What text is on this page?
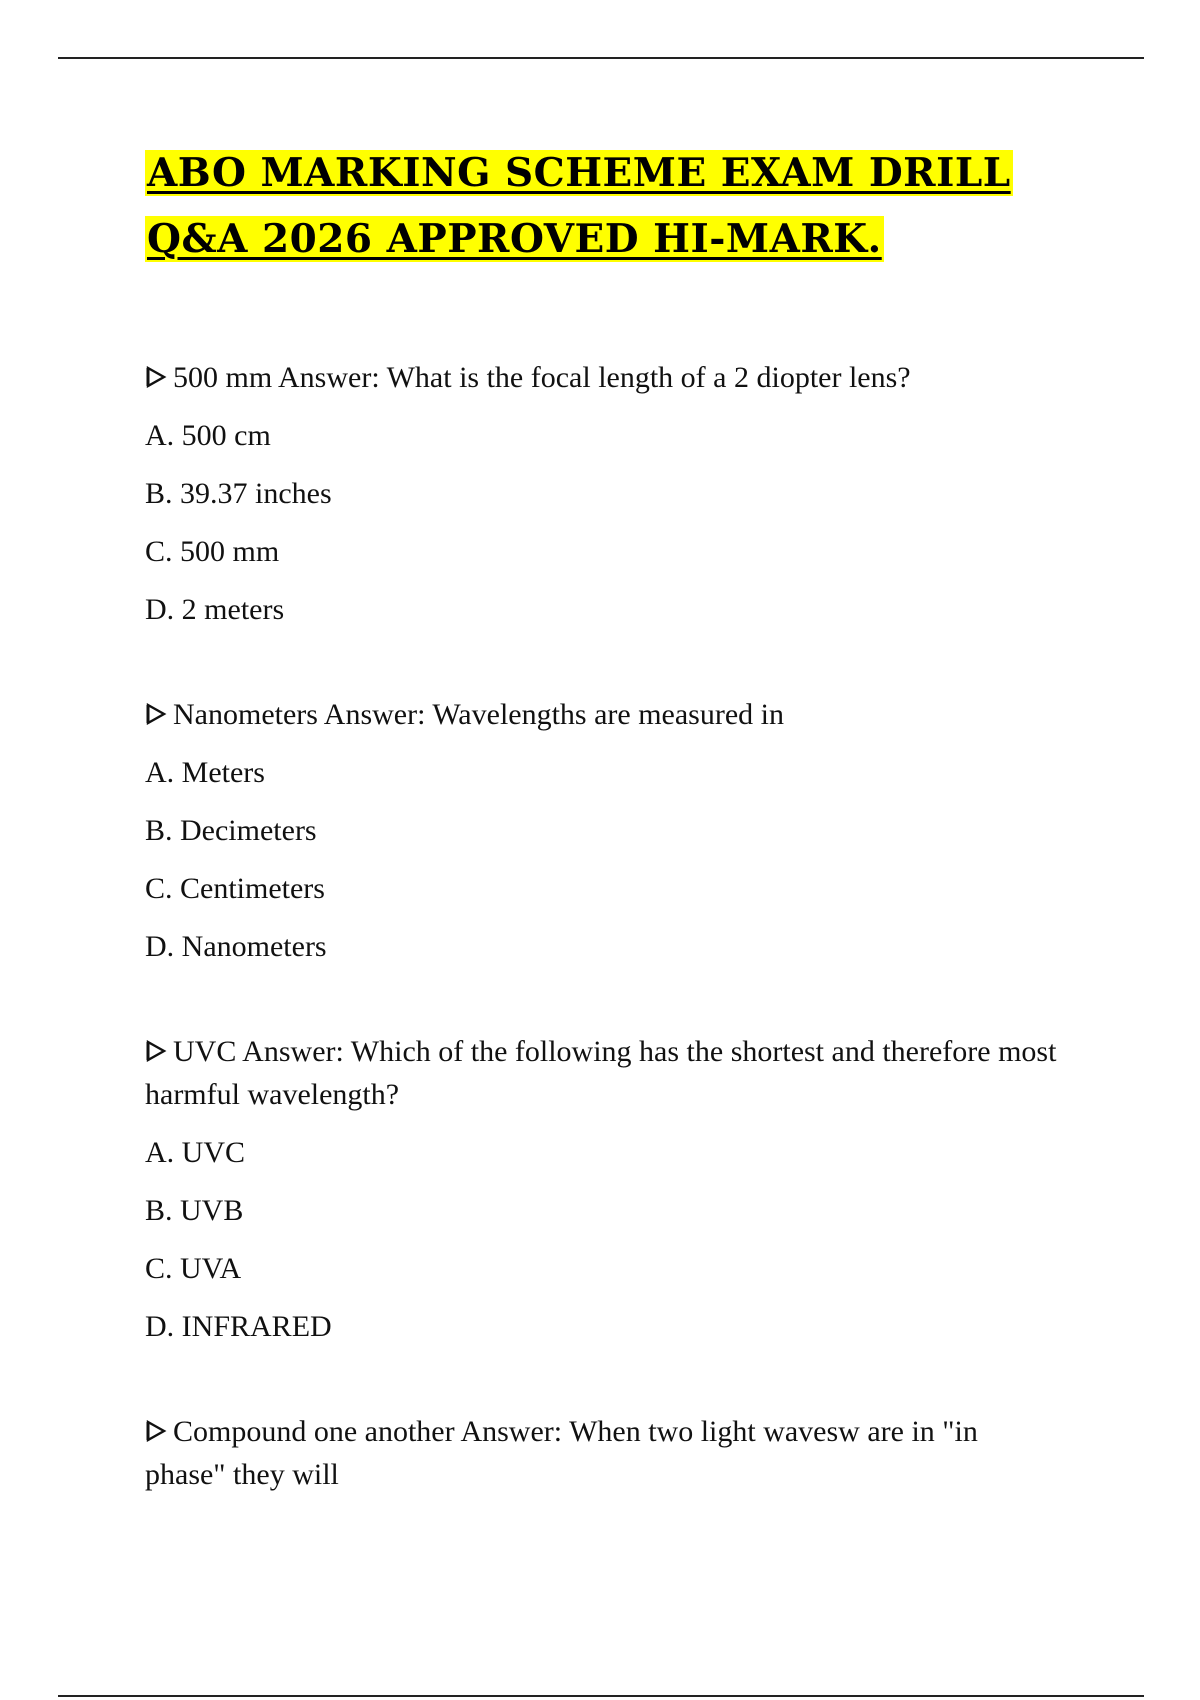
ABO MARKING SCHEME EXAM DRILL
Q&A 2026 APPROVED HI-MARK.

500 mm Answer: What is the focal length of a 2 diopter lens?

A. 500 cm

B. 39.37 inches

C. 500 mm

D. 2 meters

Nanometers Answer: Wavelengths are measured in

A. Meters

B. Decimeters

C. Centimeters

D. Nanometers

UVC Answer: Which of the following has the shortest and therefore most harmful wavelength?

A. UVC

B. UVB

C. UVA

D. INFRARED

Compound one another Answer: When two light wavesw are in "in phase" they will
